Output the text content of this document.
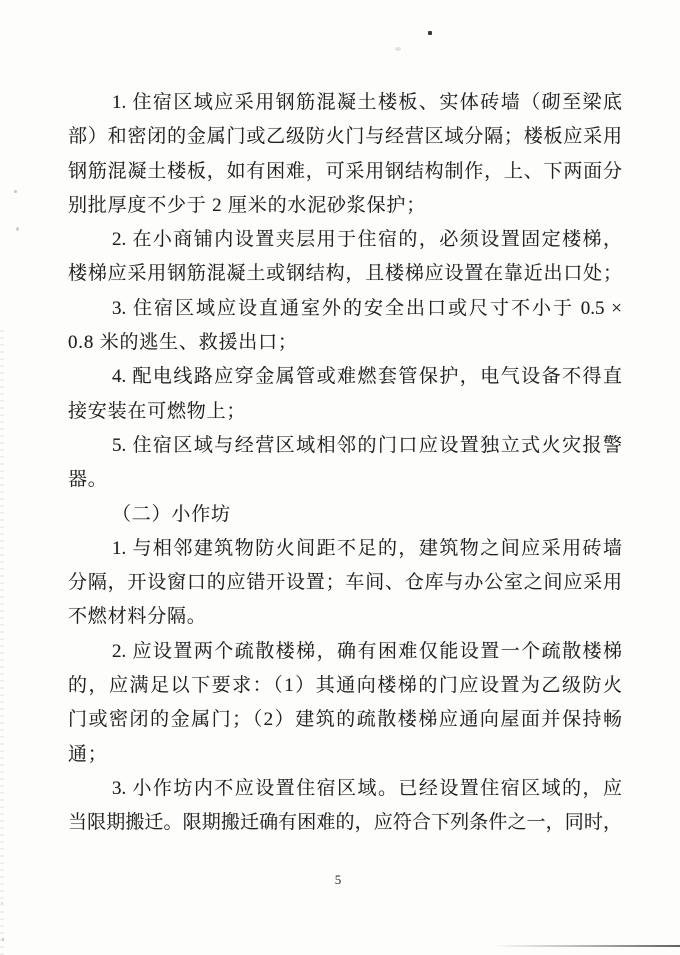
1. 住宿区域应采用钢筋混凝土楼板、实体砖墙（砌至梁底
部）和密闭的金属门或乙级防火门与经营区域分隔；楼板应采用
钢筋混凝土楼板，如有困难，可采用钢结构制作，上、下两面分
别批厚度不少于 2 厘米的水泥砂浆保护；
2. 在小商铺内设置夹层用于住宿的，必须设置固定楼梯，
楼梯应采用钢筋混凝土或钢结构，且楼梯应设置在靠近出口处；
3. 住宿区域应设直通室外的安全出口或尺寸不小于 0.5 ×
0.8 米的逃生、救援出口；
4. 配电线路应穿金属管或难燃套管保护，电气设备不得直
接安装在可燃物上；
5. 住宿区域与经营区域相邻的门口应设置独立式火灾报警
器。
（二）小作坊
1. 与相邻建筑物防火间距不足的，建筑物之间应采用砖墙
分隔，开设窗口的应错开设置；车间、仓库与办公室之间应采用
不燃材料分隔。
2. 应设置两个疏散楼梯，确有困难仅能设置一个疏散楼梯
的，应满足以下要求：（1）其通向楼梯的门应设置为乙级防火
门或密闭的金属门；（2）建筑的疏散楼梯应通向屋面并保持畅
通；
3. 小作坊内不应设置住宿区域。已经设置住宿区域的，应
当限期搬迁。限期搬迁确有困难的，应符合下列条件之一，同时，
5
